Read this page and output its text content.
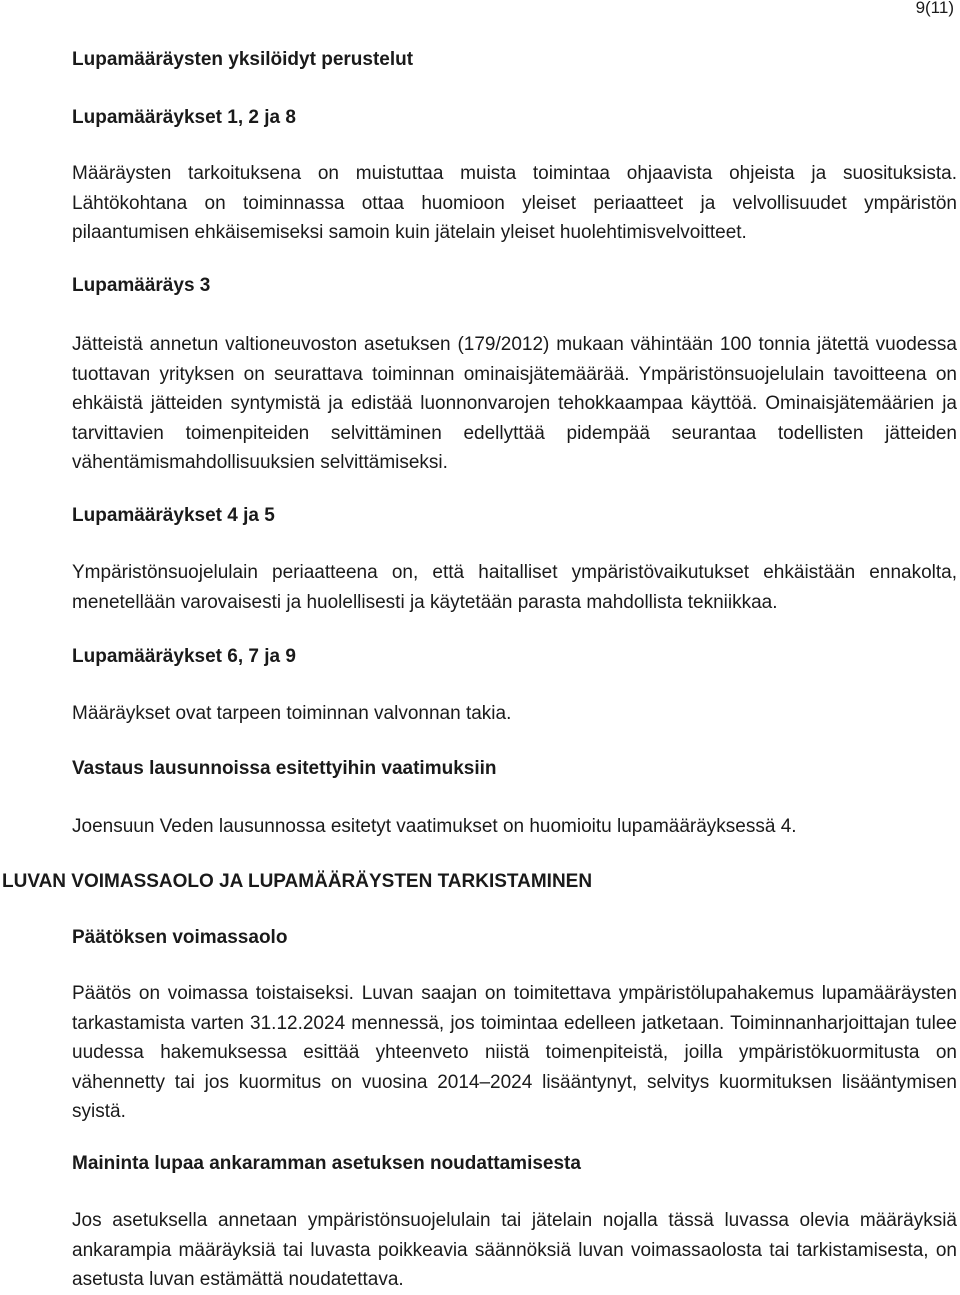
9(11)
Lupamääräysten yksilöidyt perustelut
Lupamääräykset 1, 2 ja 8
Määräysten tarkoituksena on muistuttaa muista toimintaa ohjaavista ohjeista ja suosituksista. Lähtökohtana on toiminnassa ottaa huomioon yleiset periaatteet ja velvollisuudet ympäristön pilaantumisen ehkäisemiseksi samoin kuin jätelain yleiset huolehtimisvelvoitteet.
Lupamääräys 3
Jätteistä annetun valtioneuvoston asetuksen (179/2012) mukaan vähintään 100 tonnia jätettä vuodessa tuottavan yrityksen on seurattava toiminnan ominaisjätemäärää. Ympäristönsuojelulain tavoitteena on ehkäistä jätteiden syntymistä ja edistää luonnonvarojen tehokkaampaa käyttöä. Ominaisjätemäärien ja tarvittavien toimenpiteiden selvittäminen edellyttää pidempää seurantaa todellisten jätteiden vähentämismahdollisuuksien selvittämiseksi.
Lupamääräykset 4 ja 5
Ympäristönsuojelulain periaatteena on, että haitalliset ympäristövaikutukset ehkäistään ennakolta, menetellään varovaisesti ja huolellisesti ja käytetään parasta mahdollista tekniikkaa.
Lupamääräykset 6, 7 ja 9
Määräykset ovat tarpeen toiminnan valvonnan takia.
Vastaus lausunnoissa esitettyihin vaatimuksiin
Joensuun Veden lausunnossa esitetyt vaatimukset on huomioitu lupamääräyksessä 4.
LUVAN VOIMASSAOLO JA LUPAMÄÄRÄYSTEN TARKISTAMINEN
Päätöksen voimassaolo
Päätös on voimassa toistaiseksi. Luvan saajan on toimitettava ympäristölupahakemus lupamääräysten tarkastamista varten 31.12.2024 mennessä, jos toimintaa edelleen jatketaan. Toiminnanharjoittajan tulee uudessa hakemuksessa esittää yhteenveto niistä toimenpiteistä, joilla ympäristökuormitusta on vähennetty tai jos kuormitus on vuosina 2014–2024 lisääntynyt, selvitys kuormituksen lisääntymisen syistä.
Maininta lupaa ankaramman asetuksen noudattamisesta
Jos asetuksella annetaan ympäristönsuojelulain tai jätelain nojalla tässä luvassa olevia määräyksiä ankarampia määräyksiä tai luvasta poikkeavia säännöksiä luvan voimassaolosta tai tarkistamisesta, on asetusta luvan estämättä noudatettava.
